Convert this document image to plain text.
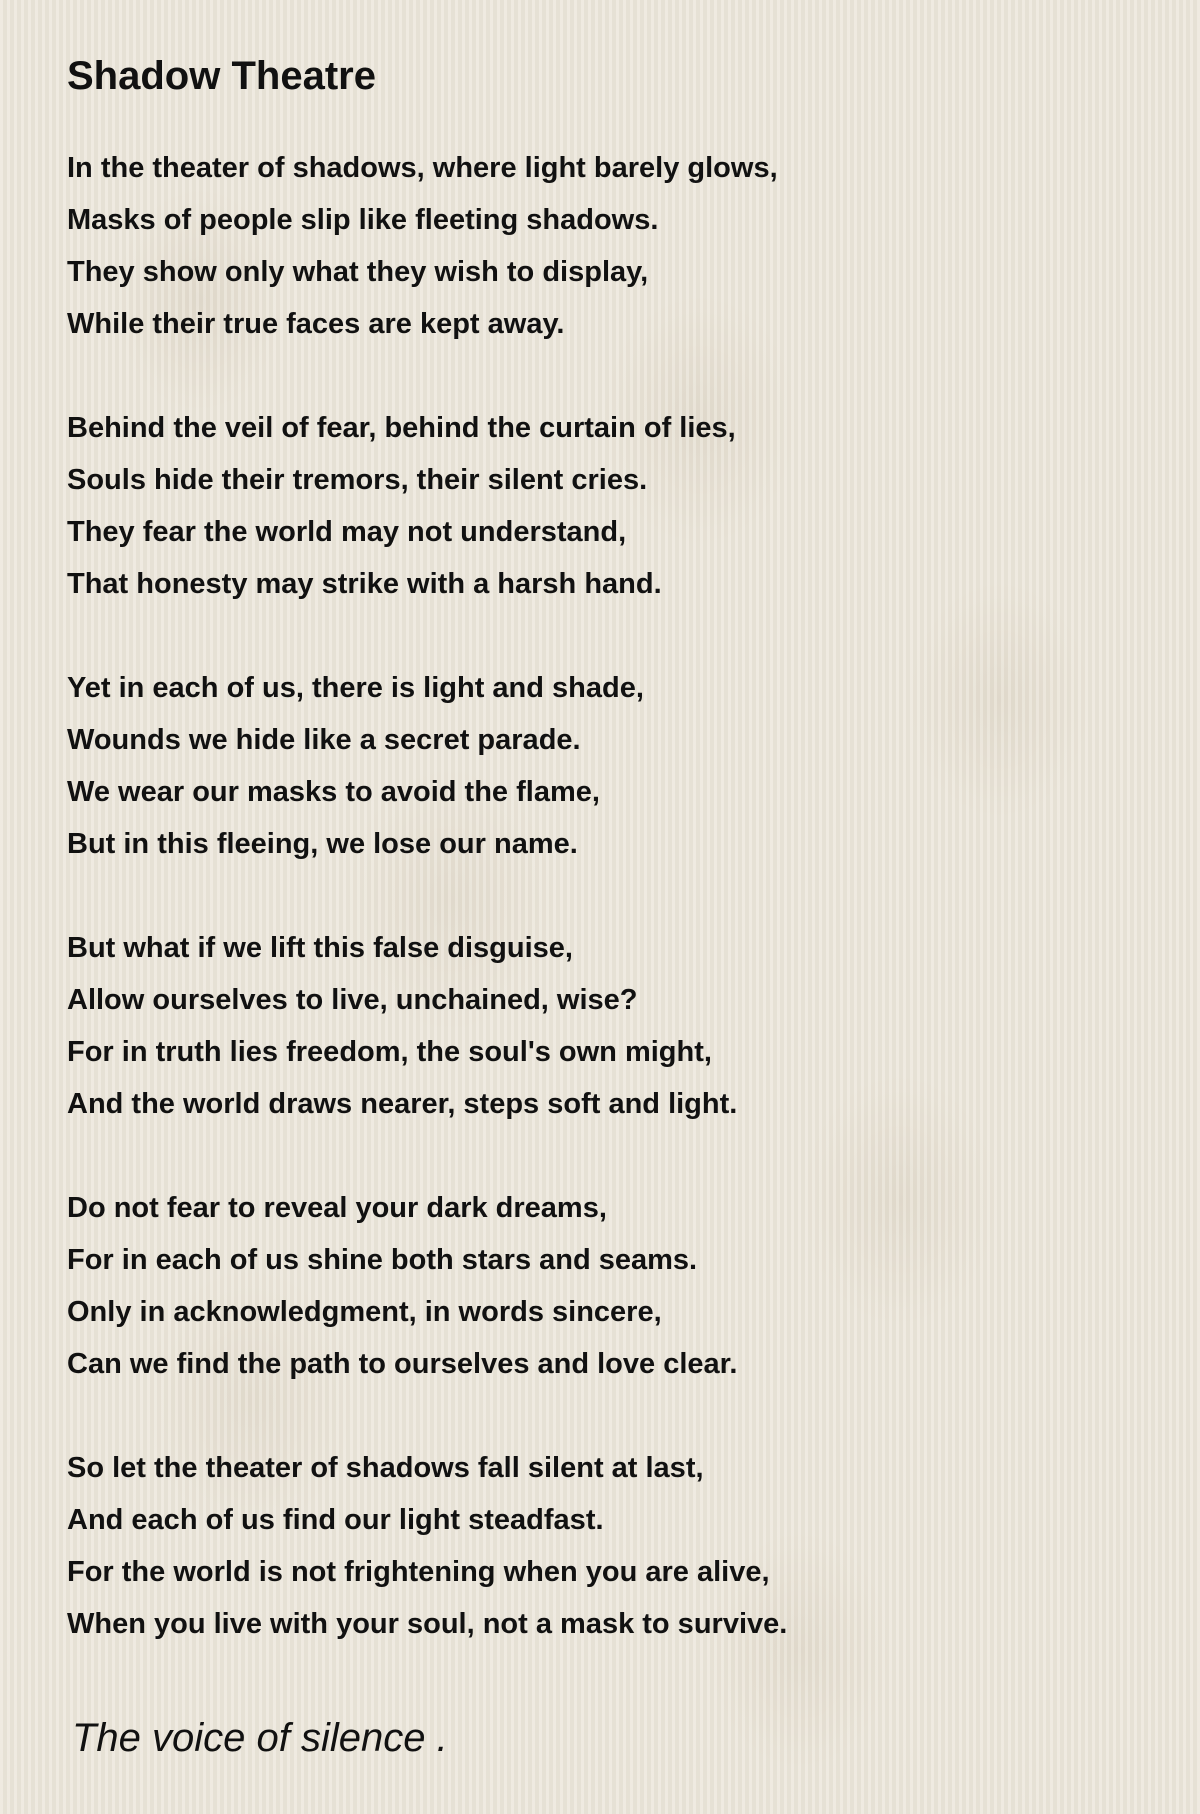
Shadow Theatre
In the theater of shadows, where light barely glows,
Masks of people slip like fleeting shadows.
They show only what they wish to display,
While their true faces are kept away.
Behind the veil of fear, behind the curtain of lies,
Souls hide their tremors, their silent cries.
They fear the world may not understand,
That honesty may strike with a harsh hand.
Yet in each of us, there is light and shade,
Wounds we hide like a secret parade.
We wear our masks to avoid the flame,
But in this fleeing, we lose our name.
But what if we lift this false disguise,
Allow ourselves to live, unchained, wise?
For in truth lies freedom, the soul's own might,
And the world draws nearer, steps soft and light.
Do not fear to reveal your dark dreams,
For in each of us shine both stars and seams.
Only in acknowledgment, in words sincere,
Can we find the path to ourselves and love clear.
So let the theater of shadows fall silent at last,
And each of us find our light steadfast.
For the world is not frightening when you are alive,
When you live with your soul, not a mask to survive.
The voice of silence .
